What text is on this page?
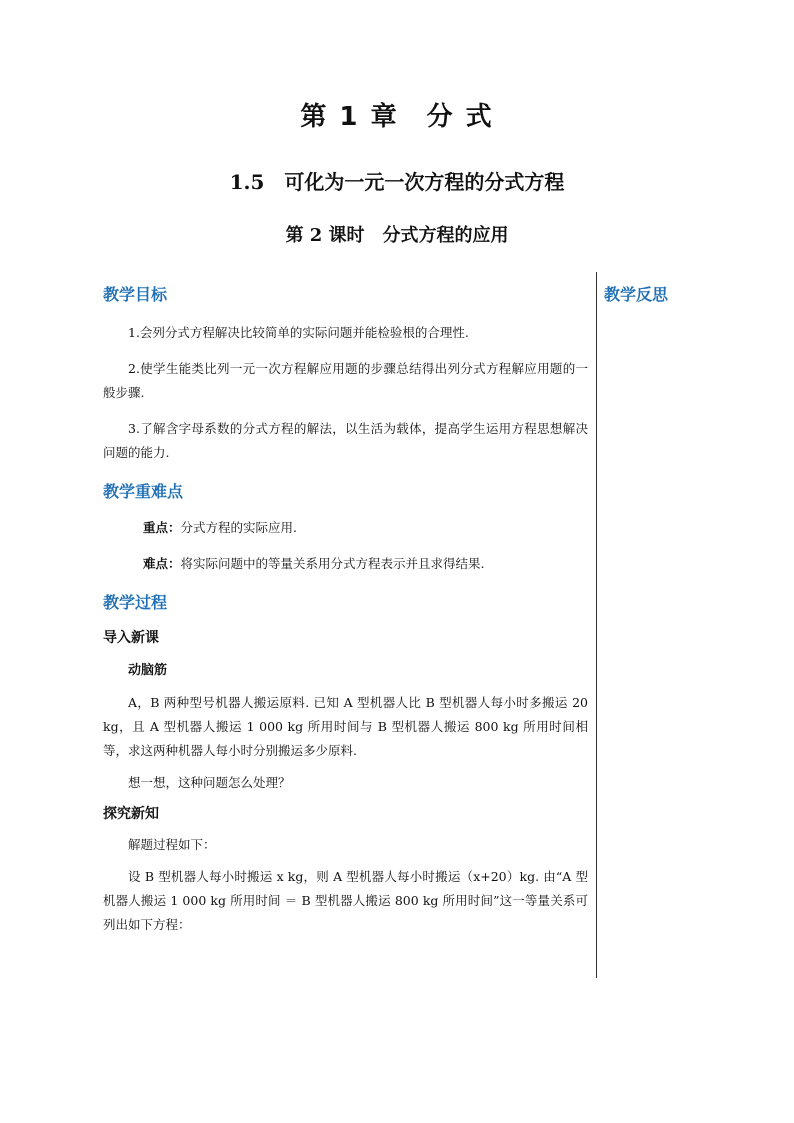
第 1 章　分 式
1.5　可化为一元一次方程的分式方程
第 2 课时　分式方程的应用
教学反思
教学目标

1.会列分式方程解决比较简单的实际问题并能检验根的合理性.

2.使学生能类比列一元一次方程解应用题的步骤总结得出列分式方程解应用题的一般步骤.

3.了解含字母系数的分式方程的解法，以生活为载体，提高学生运用方程思想解决问题的能力.

教学重难点

重点：分式方程的实际应用.

难点：将实际问题中的等量关系用分式方程表示并且求得结果.

教学过程
导入新课

动脑筋

A，B 两种型号机器人搬运原料. 已知 A 型机器人比 B 型机器人每小时多搬运 20 kg，且 A 型机器人搬运 1 000 kg 所用时间与 B 型机器人搬运 800 kg 所用时间相等，求这两种机器人每小时分别搬运多少原料.

想一想，这种问题怎么处理？

探究新知

解题过程如下：

设 B 型机器人每小时搬运 x kg，则 A 型机器人每小时搬运（x+20）kg. 由“A 型机器人搬运 1 000 kg 所用时间 ＝ B 型机器人搬运 800 kg 所用时间”这一等量关系可列出如下方程：
